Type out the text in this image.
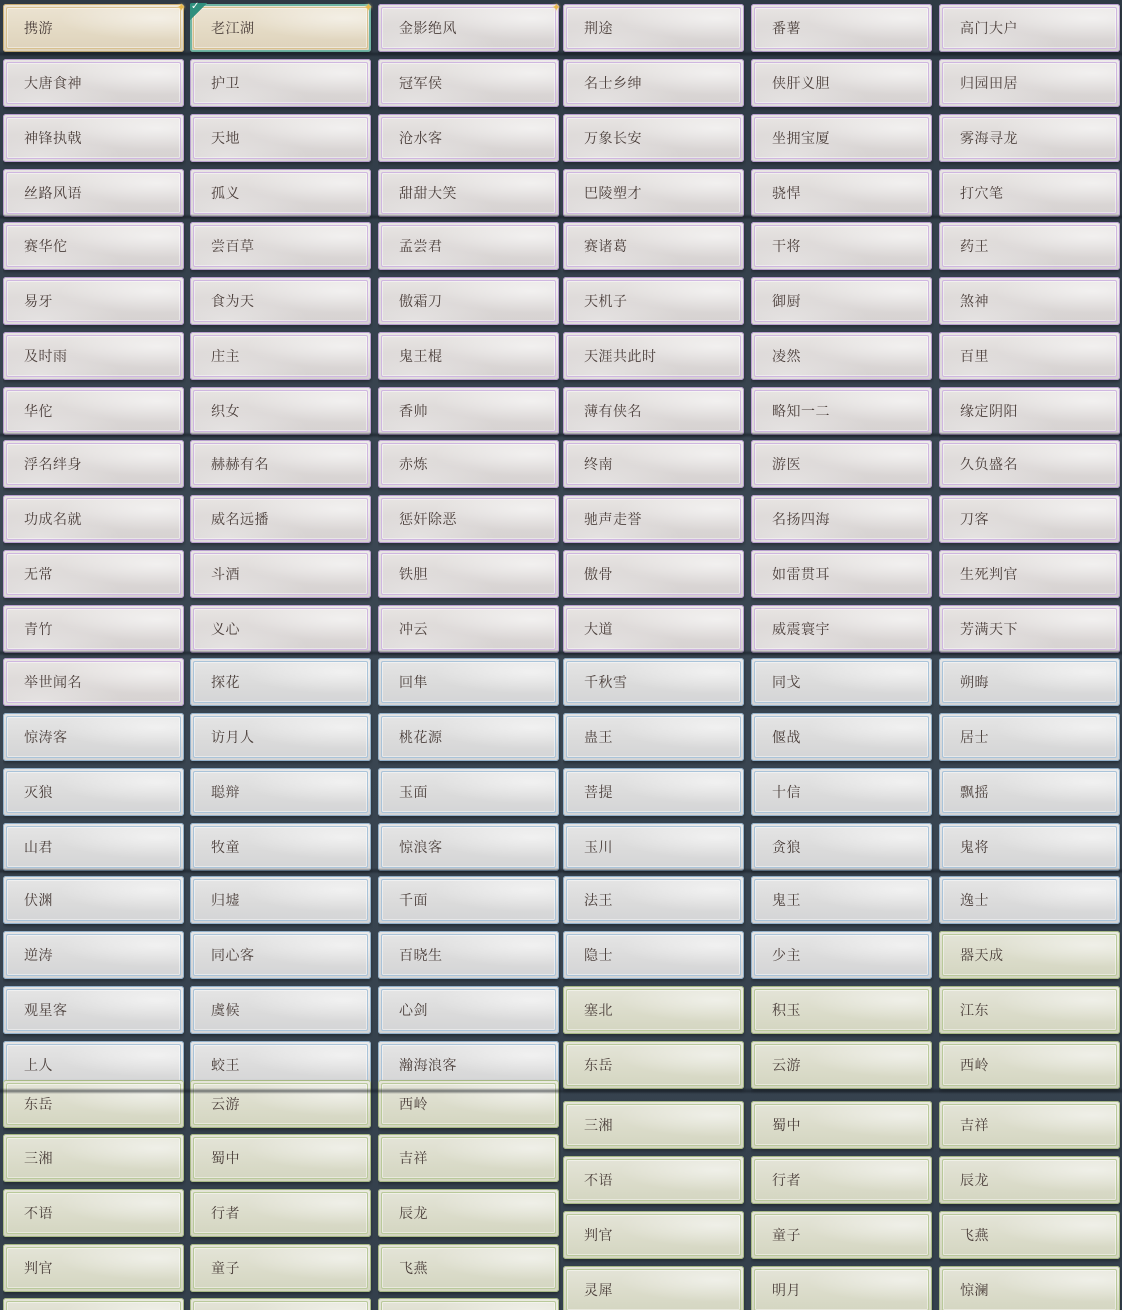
✦
携游
大唐食神
神锋执戟
丝路风语
赛华佗
易牙
及时雨
华佗
浮名绊身
功成名就
无常
青竹
举世闻名
惊涛客
灭狼
山君
伏渊
逆涛
观星客
上人
东岳
三湘
不语
判官
✓	✦
老江湖
护卫
天地
孤义
尝百草
食为天
庄主
织女
赫赫有名
威名远播
斗酒
义心
探花
访月人
聪辩
牧童
归墟
同心客
虞候
蛟王
云游
蜀中
行者
童子
✦
金影绝风
冠军侯
沧水客
甜甜大笑
孟尝君
傲霜刀
鬼王棍
香帅
赤炼
惩奸除恶
铁胆
冲云
回隼
桃花源
玉面
惊浪客
千面
百晓生
心剑
瀚海浪客
西岭
吉祥
辰龙
飞燕
荆途
名士乡绅
万象长安
巴陵塑才
赛诸葛
天机子
天涯共此时
薄有侠名
终南
驰声走誉
傲骨
大道
千秋雪
蛊王
菩提
玉川
法王
隐士
塞北
东岳
三湘
不语
判官
灵犀
番薯
侠肝义胆
坐拥宝厦
骁悍
干将
御厨
凌然
略知一二
游医
名扬四海
如雷贯耳
威震寰宇
同戈
偃战
十信
贪狼
鬼王
少主
积玉
云游
蜀中
行者
童子
明月
高门大户
归园田居
雾海寻龙
打穴笔
药王
煞神
百里
缘定阴阳
久负盛名
刀客
生死判官
芳满天下
朔晦
居士
飘摇
鬼将
逸士
器天成
江东
西岭
吉祥
辰龙
飞燕
惊澜
